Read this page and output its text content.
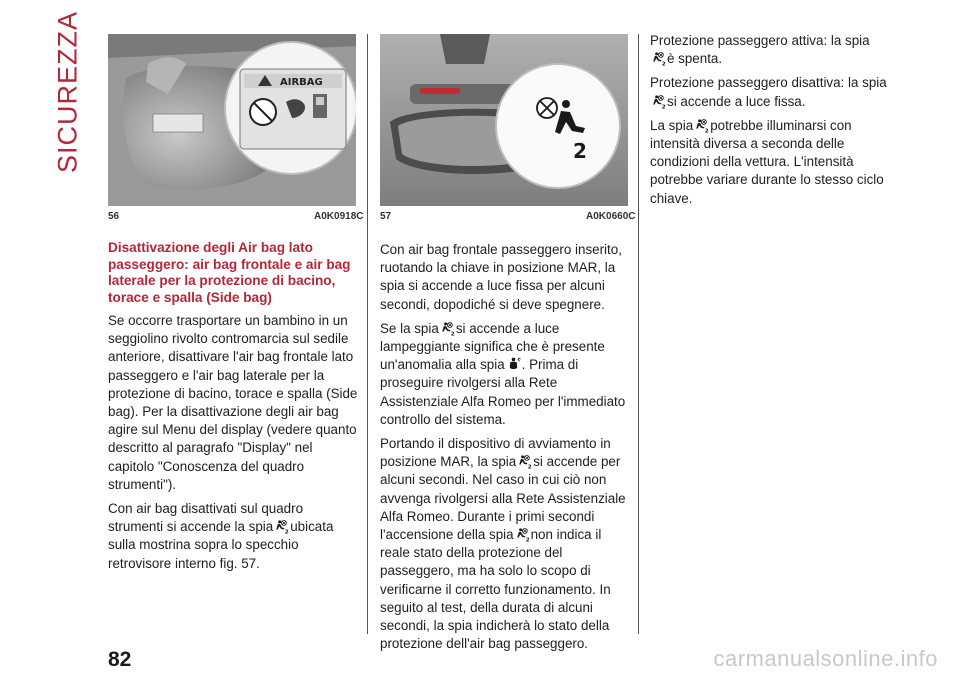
SICUREZZA	AIRBAG
56	A0K0918C
2
57	A0K0660C
Disattivazione degli Air bag lato passeggero: air bag frontale e air bag laterale per la protezione di bacino, torace e spalla (Side bag)

Se occorre trasportare un bambino in un seggiolino rivolto contromarcia sul sedile anteriore, disattivare l'air bag frontale lato passeggero e l'air bag laterale per la protezione di bacino, torace e spalla (Side bag). Per la disattivazione degli air bag agire sul Menu del display (vedere quanto descritto al paragrafo "Display" nel capitolo "Conoscenza del quadro strumenti").

Con air bag disattivati sul quadro strumenti si accende la spia ubicata sulla mostrina sopra lo specchio retrovisore interno fig. 57.

Con air bag frontale passeggero inserito, ruotando la chiave in posizione MAR, la spia si accende a luce fissa per alcuni secondi, dopodiché si deve spegnere.

Se la spia si accende a luce lampeggiante significa che è presente un'anomalia alla spia . Prima di proseguire rivolgersi alla Rete Assistenziale Alfa Romeo per l'immediato controllo del sistema.

Portando il dispositivo di avviamento in posizione MAR, la spia si accende per alcuni secondi. Nel caso in cui ciò non avvenga rivolgersi alla Rete Assistenziale Alfa Romeo. Durante i primi secondi l'accensione della spia non indica il reale stato della protezione del passeggero, ma ha solo lo scopo di verificarne il corretto funzionamento. In seguito al test, della durata di alcuni secondi, la spia indicherà lo stato della protezione dell'air bag passeggero.

Protezione passeggero attiva: la spia
è spenta.

Protezione passeggero disattiva: la spia
si accende a luce fissa.

La spia potrebbe illuminarsi con intensità diversa a seconda delle condizioni della vettura. L'intensità potrebbe variare durante lo stesso ciclo chiave.

82	carmanualsonline.info
